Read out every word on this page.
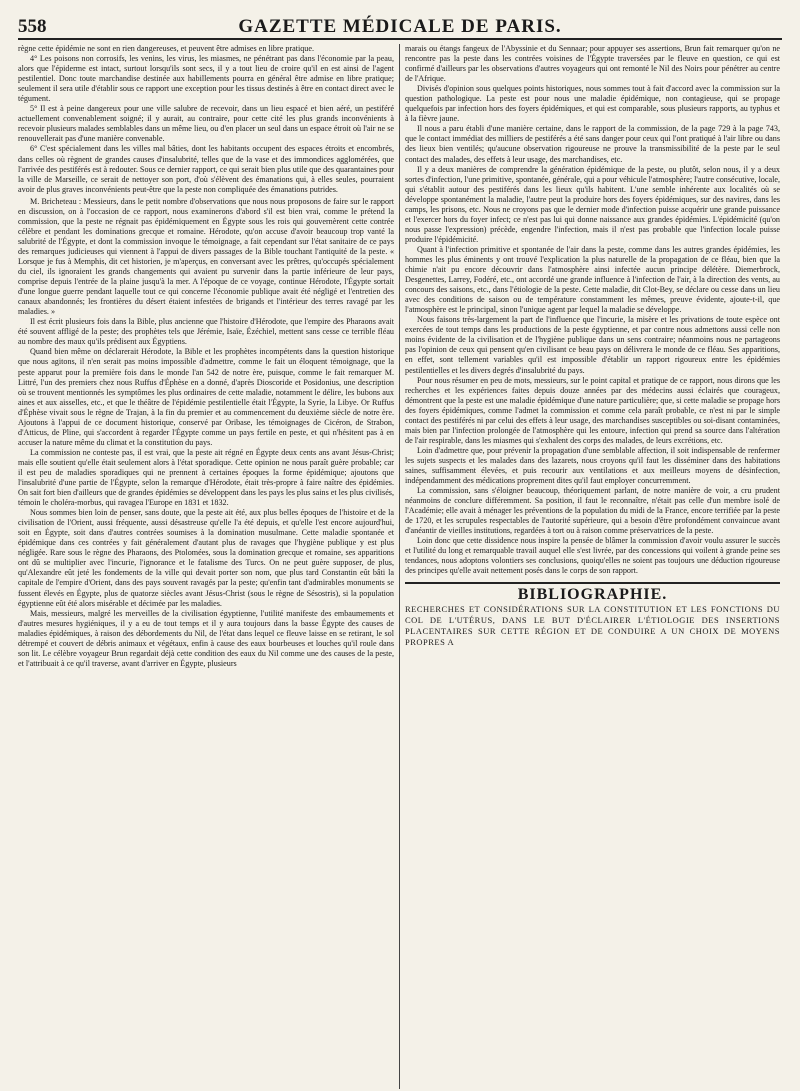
558	GAZETTE MÉDICALE DE PARIS.

règne cette épidémie ne sont en rien dangereuses, et peuvent être admises en libre pratique.

4° Les poisons non corrosifs, les venins, les virus, les miasmes, ne pénétrant pas dans l'économie par la peau, alors que l'épiderme est intact, surtout lorsqu'ils sont secs, il y a tout lieu de croire qu'il en est ainsi de l'agent pestilentiel. Donc toute marchandise destinée aux habillements pourra en général être admise en libre pratique; seulement il sera utile d'établir sous ce rapport une exception pour les tissus destinés à être en contact direct avec le tégument.

5° Il est à peine dangereux pour une ville salubre de recevoir, dans un lieu espacé et bien aéré, un pestiféré actuellement convenablement soigné; il y aurait, au contraire, pour cette cité les plus grands inconvénients à recevoir plusieurs malades semblables dans un même lieu, ou d'en placer un seul dans un espace étroit où l'air ne se renouvellerait pas d'une manière convenable.

6° C'est spécialement dans les villes mal bâties, dont les habitants occupent des espaces étroits et encombrés, dans celles où règnent de grandes causes d'insalubrité, telles que de la vase et des immondices agglomérées, que l'arrivée des pestiférés est à redouter. Sous ce dernier rapport, ce qui serait bien plus utile que des quarantaines pour la ville de Marseille, ce serait de nettoyer son port, d'où s'élèvent des émanations qui, à elles seules, pourraient avoir de plus graves inconvénients peut-être que la peste non compliquée des émanations putrides.

M. Bricheteau : Messieurs, dans le petit nombre d'observations que nous nous proposons de faire sur le rapport en discussion, on à l'occasion de ce rapport, nous examinerons d'abord s'il est bien vrai, comme le prétend la commission, que la peste ne régnait pas épidémiquement en Égypte sous les rois qui gouvernèrent cette contrée célèbre et pendant les dominations grecque et romaine. Hérodote, qu'on accuse d'avoir beaucoup trop vanté la salubrité de l'Égypte, et dont la commission invoque le témoignage, a fait cependant sur l'état sanitaire de ce pays des remarques judicieuses qui viennent à l'appui de divers passages de la Bible touchant l'antiquité de la peste. « Lorsque je fus à Memphis, dit cet historien, je m'aperçus, en conversant avec les prêtres, qu'occupés spécialement du ciel, ils ignoraient les grands changements qui avaient pu survenir dans la partie inférieure de leur pays, comprise depuis l'entrée de la plaine jusqu'à la mer. A l'époque de ce voyage, continue Hérodote, l'Égypte sortait d'une longue guerre pendant laquelle tout ce qui concerne l'économie publique avait été négligé et l'entretien des canaux abandonnés; les frontières du désert étaient infestées de brigands et l'intérieur des terres ravagé par les maladies. »

Il est écrit plusieurs fois dans la Bible, plus ancienne que l'histoire d'Hérodote, que l'empire des Pharaons avait été souvent affligé de la peste; des prophètes tels que Jérémie, Isaïe, Ézéchiel, mettent sans cesse ce terrible fléau au nombre des maux qu'ils prédisent aux Égyptiens.

Quand bien même on déclarerait Hérodote, la Bible et les prophètes incompétents dans la question historique que nous agitons, il n'en serait pas moins impossible d'admettre, comme le fait un éloquent témoignage, que la peste apparut pour la première fois dans le monde l'an 542 de notre ère, puisque, comme le fait remarquer M. Littré, l'un des premiers chez nous Ruffus d'Éphèse en a donné, d'après Dioscoride et Posidonius, une description où se trouvent mentionnés les symptômes les plus ordinaires de cette maladie, notamment le délire, les bubons aux aines et aux aisselles, etc., et que le théâtre de l'épidémie pestilentielle était l'Égypte, la Syrie, la Libye. Or Ruffus d'Éphèse vivait sous le règne de Trajan, à la fin du premier et au commencement du deuxième siècle de notre ère. Ajoutons à l'appui de ce document historique, conservé par Oribase, les témoignages de Cicéron, de Strabon, d'Atticus, de Pline, qui s'accordent à regarder l'Égypte comme un pays fertile en peste, et qui n'hésitent pas à en accuser la nature même du climat et la constitution du pays.

La commission ne conteste pas, il est vrai, que la peste ait régné en Égypte deux cents ans avant Jésus-Christ; mais elle soutient qu'elle était seulement alors à l'état sporadique. Cette opinion ne nous paraît guère probable; car il est peu de maladies sporadiques qui ne prennent à certaines époques la forme épidémique; ajoutons que l'insalubrité d'une partie de l'Égypte, selon la remarque d'Hérodote, était très-propre à faire naître des épidémies. On sait fort bien d'ailleurs que de grandes épidémies se développent dans les pays les plus sains et les plus civilisés, témoin le choléra-morbus, qui ravagea l'Europe en 1831 et 1832.

Nous sommes bien loin de penser, sans doute, que la peste ait été, aux plus belles époques de l'histoire et de la civilisation de l'Orient, aussi fréquente, aussi désastreuse qu'elle l'a été depuis, et qu'elle l'est encore aujourd'hui, soit en Égypte, soit dans d'autres contrées soumises à la domination musulmane. Cette maladie spontanée et épidémique dans ces contrées y fait généralement d'autant plus de ravages que l'hygiène publique y est plus négligée. Rare sous le règne des Pharaons, des Ptolomées, sous la domination grecque et romaine, ses apparitions ont dû se multiplier avec l'incurie, l'ignorance et le fatalisme des Turcs. On ne peut guère supposer, de plus, qu'Alexandre eût jeté les fondements de la ville qui devait porter son nom, que plus tard Constantin eût bâti la capitale de l'empire d'Orient, dans des pays souvent ravagés par la peste; qu'enfin tant d'admirables monuments se fussent élevés en Égypte, plus de quatorze siècles avant Jésus-Christ (sous le règne de Sésostris), si la population égyptienne eût été alors misérable et décimée par les maladies.

Mais, messieurs, malgré les merveilles de la civilisation égyptienne, l'utilité manifeste des embaumements et d'autres mesures hygiéniques, il y a eu de tout temps et il y aura toujours dans la basse Égypte des causes de maladies épidémiques, à raison des débordements du Nil, de l'état dans lequel ce fleuve laisse en se retirant, le sol détrempé et couvert de débris animaux et végétaux, enfin à cause des eaux bourbeuses et louches qu'il roule dans son lit. Le célèbre voyageur Brun regardait déjà cette condition des eaux du Nil comme une des causes de la peste, et l'attribuait à ce qu'il traverse, avant d'arriver en Égypte, plusieurs

marais ou étangs fangeux de l'Abyssinie et du Sennaar; pour appuyer ses assertions, Brun fait remarquer qu'on ne rencontre pas la peste dans les contrées voisines de l'Égypte traversées par le fleuve en question, ce qui est confirmé d'ailleurs par les observations d'autres voyageurs qui ont remonté le Nil des Noirs pour pénétrer au centre de l'Afrique.

Divisés d'opinion sous quelques points historiques, nous sommes tout à fait d'accord avec la commission sur la question pathologique. La peste est pour nous une maladie épidémique, non contagieuse, qui se propage quelquefois par infection hors des foyers épidémiques, et qui est comparable, sous plusieurs rapports, au typhus et à la fièvre jaune.

Il nous a paru établi d'une manière certaine, dans le rapport de la commission, de la page 729 à la page 743, que le contact immédiat des milliers de pestiférés a été sans danger pour ceux qui l'ont pratiqué à l'air libre ou dans des lieux bien ventilés; qu'aucune observation rigoureuse ne prouve la transmissibilité de la peste par le seul contact des malades, des effets à leur usage, des marchandises, etc.

Il y a deux manières de comprendre la génération épidémique de la peste, ou plutôt, selon nous, il y a deux sortes d'infection, l'une primitive, spontanée, générale, qui a pour véhicule l'atmosphère; l'autre consécutive, locale, qui s'établit autour des pestiférés dans les lieux qu'ils habitent. L'une semble inhérente aux localités où se développe spontanément la maladie, l'autre peut la produire hors des foyers épidémiques, sur des navires, dans les camps, les prisons, etc. Nous ne croyons pas que le dernier mode d'infection puisse acquérir une grande puissance et l'exercer hors du foyer infect; ce n'est pas lui qui donne naissance aux grandes épidémies. L'épidémicité (qu'on nous passe l'expression) précède, engendre l'infection, mais il n'est pas probable que l'infection locale puisse produire l'épidémicité.

Quant à l'infection primitive et spontanée de l'air dans la peste, comme dans les autres grandes épidémies, les hommes les plus éminents y ont trouvé l'explication la plus naturelle de la propagation de ce fléau, bien que la chimie n'ait pu encore découvrir dans l'atmosphère ainsi infectée aucun principe délétère. Diemerbrock, Desgenettes, Larrey, Fodéré, etc., ont accordé une grande influence à l'infection de l'air, à la direction des vents, au concours des saisons, etc., dans l'étiologie de la peste. Cette maladie, dit Clot-Bey, se déclare ou cesse dans un lieu avec des conditions de saison ou de température constamment les mêmes, preuve évidente, ajoute-t-il, que l'atmosphère est le principal, sinon l'unique agent par lequel la maladie se développe.

Nous faisons très-largement la part de l'influence que l'incurie, la misère et les privations de toute espèce ont exercées de tout temps dans les productions de la peste égyptienne, et par contre nous admettons aussi celle non moins évidente de la civilisation et de l'hygiène publique dans un sens contraire; néanmoins nous ne partageons pas l'opinion de ceux qui pensent qu'en civilisant ce beau pays on délivrera le monde de ce fléau. Ses apparitions, en effet, sont tellement variables qu'il est impossible d'établir un rapport rigoureux entre les épidémies pestilentielles et les divers degrés d'insalubrité du pays.

Pour nous résumer en peu de mots, messieurs, sur le point capital et pratique de ce rapport, nous dirons que les recherches et les expériences faites depuis douze années par des médecins aussi éclairés que courageux, démontrent que la peste est une maladie épidémique d'une nature particulière; que, si cette maladie se propage hors des foyers épidémiques, comme l'admet la commission et comme cela paraît probable, ce n'est ni par le simple contact des pestiférés ni par celui des effets à leur usage, des marchandises susceptibles ou soi-disant contaminées, mais bien par l'infection prolongée de l'atmosphère qui les entoure, infection qui prend sa source dans l'altération de l'air respirable, dans les miasmes qui s'exhalent des corps des malades, de leurs excrétions, etc.

Loin d'admettre que, pour prévenir la propagation d'une semblable affection, il soit indispensable de renfermer les sujets suspects et les malades dans des lazarets, nous croyons qu'il faut les disséminer dans des habitations saines, suffisamment élevées, et puis recourir aux ventilations et aux meilleurs moyens de désinfection, indépendamment des médications proprement dites qu'il faut employer concurremment.

La commission, sans s'éloigner beaucoup, théoriquement parlant, de notre manière de voir, a cru prudent néanmoins de conclure différemment. Sa position, il faut le reconnaître, n'était pas celle d'un membre isolé de l'Académie; elle avait à ménager les préventions de la population du midi de la France, encore terrifiée par la peste de 1720, et les scrupules respectables de l'autorité supérieure, qui a besoin d'être profondément convaincue avant d'anéantir de vieilles institutions, regardées à tort ou à raison comme préservatrices de la peste.

Loin donc que cette dissidence nous inspire la pensée de blâmer la commission d'avoir voulu assurer le succès et l'utilité du long et remarquable travail auquel elle s'est livrée, par des concessions qui voilent à grande peine ses tendances, nous adoptons volontiers ses conclusions, quoiqu'elles ne soient pas toujours une déduction rigoureuse des principes qu'elle avait nettement posés dans le corps de son rapport.

BIBLIOGRAPHIE.
RECHERCHES ET CONSIDÉRATIONS SUR LA CONSTITUTION ET LES FONCTIONS DU COL DE L'UTÉRUS, DANS LE BUT D'ÉCLAIRER L'ÉTIOLOGIE DES INSERTIONS PLACENTAIRES SUR CETTE RÉGION ET DE CONDUIRE A UN CHOIX DE MOYENS PROPRES A
